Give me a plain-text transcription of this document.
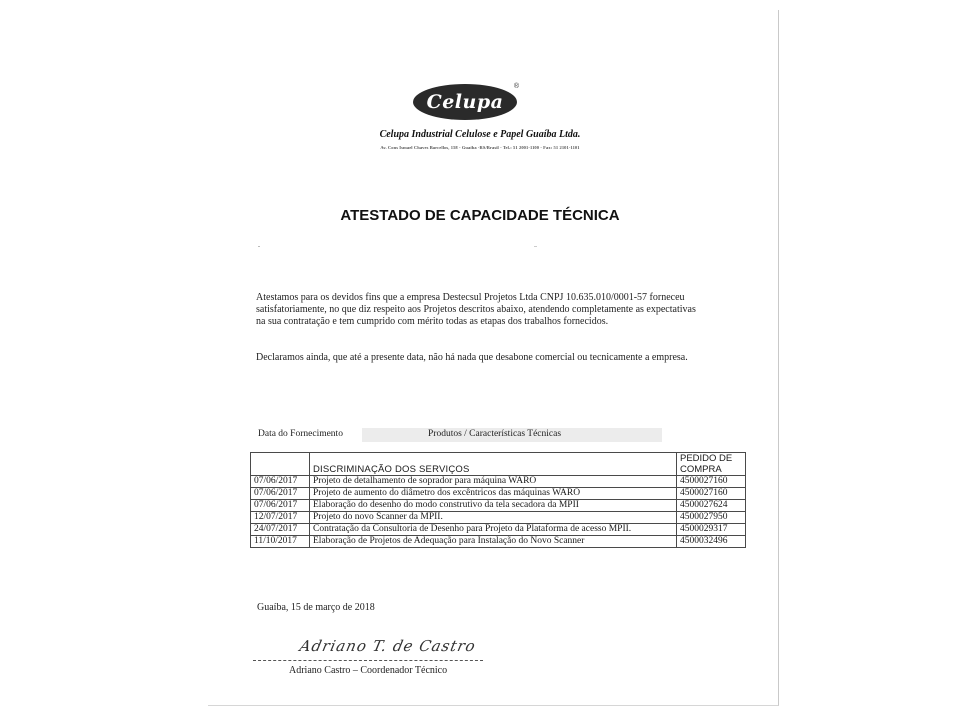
Celupa
®
Celupa Industrial Celulose e Papel Guaíba Ltda.
Av. Cons Ismael Chaves Barcellos, 158 - Guaíba -RS/Brasil - Tel.: 51 2001-1100 - Fax: 51 2101-1101
ATESTADO DE CAPACIDADE TÉCNICA
Atestamos para os devidos fins que a empresa Destecsul Projetos Ltda CNPJ 10.635.010/0001-57 forneceu satisfatoriamente, no que diz respeito aos Projetos descritos abaixo, atendendo completamente as expectativas na sua contratação e tem cumprido com mérito todas as etapas dos trabalhos fornecidos.
Declaramos ainda, que até a presente data, não há nada que desabone comercial ou tecnicamente a empresa.
Data do Fornecimento	Produtos / Características Técnicas
	DISCRIMINAÇÃO DOS SERVIÇOS	PEDIDO DE COMPRA
07/06/2017	Projeto de detalhamento de soprador para máquina WARO	4500027160
07/06/2017	Projeto de aumento do diâmetro dos excêntricos das máquinas WARO	4500027160
07/06/2017	Elaboração do desenho do modo construtivo da tela secadora da MPII	4500027624
12/07/2017	Projeto do novo Scanner da MPII.	4500027950
24/07/2017	Contratação da Consultoria de Desenho para Projeto da Plataforma de acesso MPII.	4500029317
11/10/2017	Elaboração de Projetos de Adequação para Instalação do Novo Scanner	4500032496
Guaíba, 15 de março de 2018
Adriano T. de Castro
Adriano Castro – Coordenador Técnico
